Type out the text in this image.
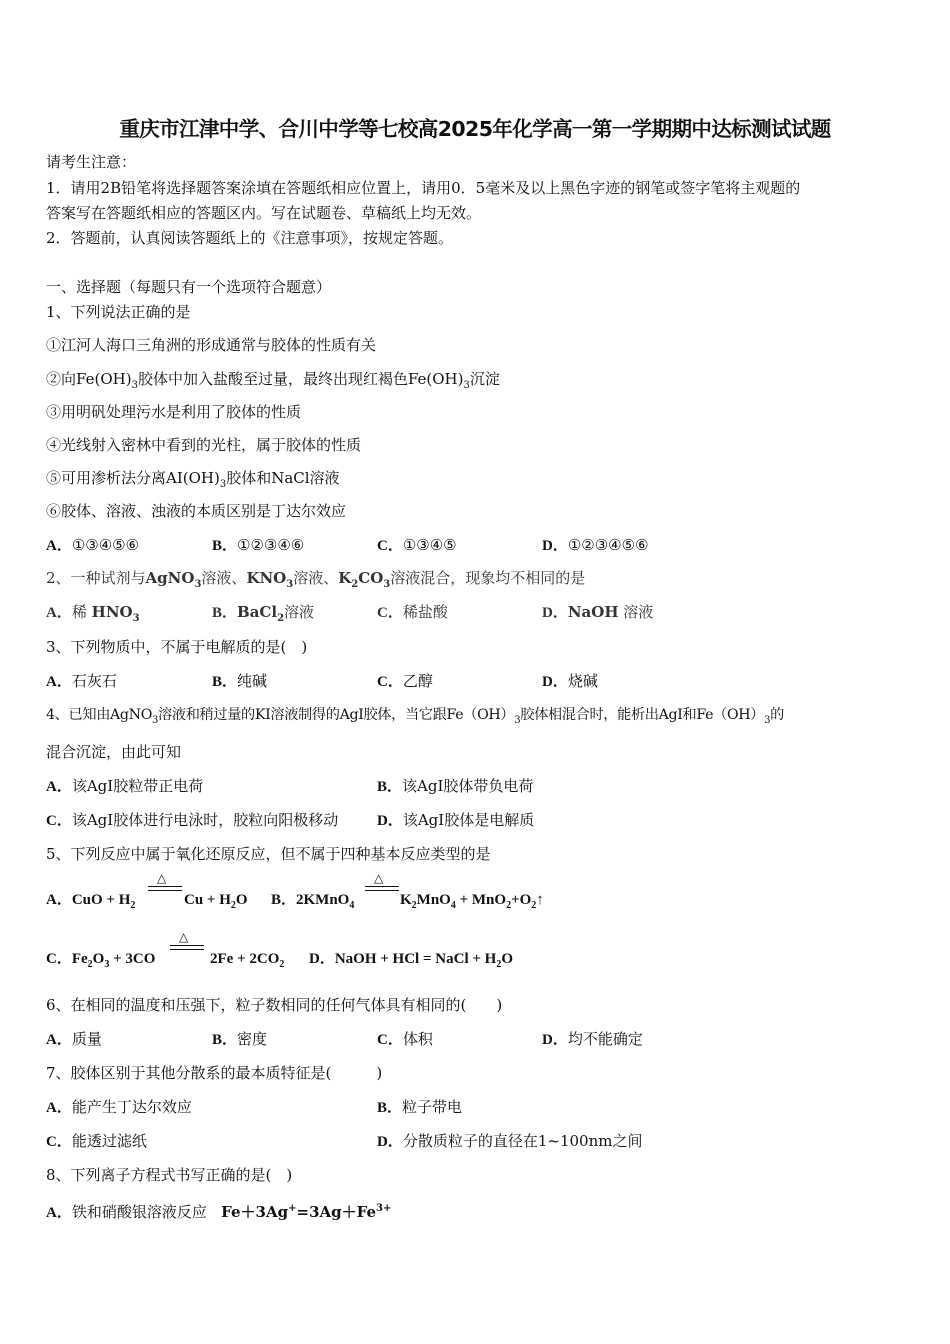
重庆市江津中学、合川中学等七校高2025年化学高一第一学期期中达标测试试题
请考生注意：
1．请用2B铅笔将选择题答案涂填在答题纸相应位置上，请用0．5毫米及以上黑色字迹的钢笔或签字笔将主观题的
答案写在答题纸相应的答题区内。写在试题卷、草稿纸上均无效。
2．答题前，认真阅读答题纸上的《注意事项》，按规定答题。
一、选择题（每题只有一个选项符合题意）
1、下列说法正确的是
①江河人海口三角洲的形成通常与胶体的性质有关
②向$Fe(OH)_3$胶体中加入盐酸至过量，最终出现红褐色$Fe(OH)_3$沉淀
③用明矾处理污水是利用了胶体的性质
④光线射入密林中看到的光柱，属于胶体的性质
⑤可用渗析法分离$AI(OH)_3$胶体和NaCl溶液
⑥胶体、溶液、浊液的本质区别是丁达尔效应
A．①③④⑤⑥	B．①②③④⑥	C．①③④⑤	D．①②③④⑤⑥
2、一种试剂与AgNO$_3$溶液、$KNO_3$溶液、$K_2CO_3$溶液混合，现象均不相同的是
A．稀 $HNO_3$	B．BaCl$_2$溶液	C．稀盐酸	D．NaOH 溶液
3、下列物质中，不属于电解质的是(　)
A．石灰石	B．纯碱	C．乙醇	D．烧碱
4、已知由AgNO$_3$溶液和稍过量的KI溶液制得的AgI胶体，当它跟$Fe(OH)_3$胶体相混合时，能析出AgI和$Fe(OH)_3$的
混合沉淀，由此可知
A．该AgI胶粒带正电荷	B．该AgI胶体带负电荷
C．该AgI胶体进行电泳时，胶粒向阳极移动	D．该AgI胶体是电解质
5、下列反应中属于氧化还原反应，但不属于四种基本反应类型的是
A．CuO + $H_2$
△
$Cu + H_2O$ B．2KMnO$_4$
△
$K_2MnO_4$ + $MnO_2+O_2↑$
C．$Fe_2O_3 + 3CO$
△
$2Fe + 2CO_2$ D．NaOH + HCl = NaCl + $H_2O$
6、在相同的温度和压强下，粒子数相同的任何气体具有相同的(　　)
A．质量	B．密度	C．体积	D．均不能确定
7、胶体区别于其他分散系的最本质特征是(　　　)
A．能产生丁达尔效应	B．粒子带电
C．能透过滤纸	D．分散质粒子的直径在1~100nm之间
8、下列离子方程式书写正确的是(　)
A．铁和硝酸银溶液反应 $Fe+3Ag^+=3Ag+Fe^{3+}$
